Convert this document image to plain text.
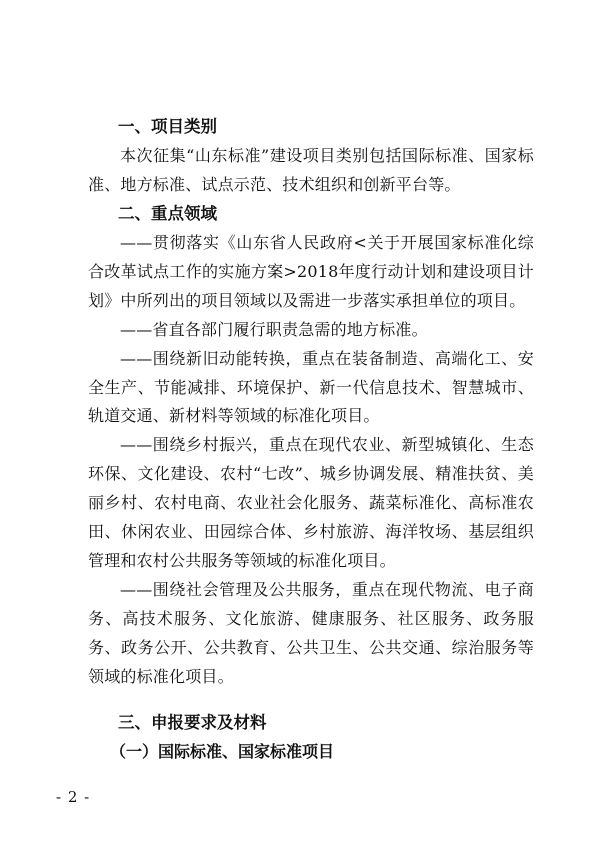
一、项目类别

本次征集“山东标准”建设项目类别包括国际标准、国家标准、地方标准、试点示范、技术组织和创新平台等。

二、重点领域

——贯彻落实《山东省人民政府<关于开展国家标准化综合改革试点工作的实施方案>2018年度行动计划和建设项目计划》中所列出的项目领域以及需进一步落实承担单位的项目。

——省直各部门履行职责急需的地方标准。

——围绕新旧动能转换，重点在装备制造、高端化工、安全生产、节能减排、环境保护、新一代信息技术、智慧城市、轨道交通、新材料等领域的标准化项目。

——围绕乡村振兴，重点在现代农业、新型城镇化、生态环保、文化建设、农村“七改”、城乡协调发展、精准扶贫、美丽乡村、农村电商、农业社会化服务、蔬菜标准化、高标准农田、休闲农业、田园综合体、乡村旅游、海洋牧场、基层组织管理和农村公共服务等领域的标准化项目。

——围绕社会管理及公共服务，重点在现代物流、电子商务、高技术服务、文化旅游、健康服务、社区服务、政务服务、政务公开、公共教育、公共卫生、公共交通、综治服务等领域的标准化项目。

三、申报要求及材料
（一）国际标准、国家标准项目
- 2 -
